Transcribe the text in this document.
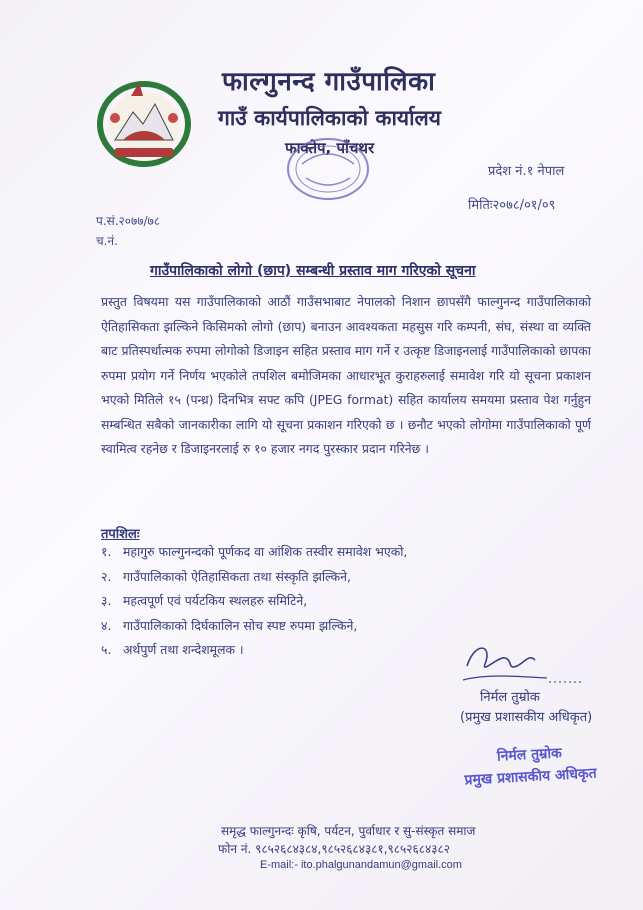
फाल्गुनन्द गाउँपालिका
गाउँ कार्यपालिकाको कार्यालय
फाक्तेप, पाँचथर
प्रदेश नं.१ नेपाल
मितिः२०७८/०१/०९
प.सं.२०७७/७८
च.नं.
गाउँपालिकाको लोगो (छाप) सम्बन्धी प्रस्ताव माग गरिएको सूचना
प्रस्तुत विषयमा यस गाउँपालिकाको आठौं गाउँसभाबाट नेपालको निशान छापसँगै फाल्गुनन्द गाउँपालिकाको ऐतिहासिकता झल्किने किसिमको लोगो (छाप) बनाउन आवश्यकता महसुस गरि कम्पनी, संघ, संस्था वा व्यक्ति बाट प्रतिस्पर्धात्मक रुपमा लोगोको डिजाइन सहित प्रस्ताव माग गर्ने र उत्कृष्ट डिजाइनलाई गाउँपालिकाको छापका रुपमा प्रयोग गर्ने निर्णय भएकोले तपशिल बमोजिमका आधारभूत कुराहरुलाई समावेश गरि यो सूचना प्रकाशन भएको मितिले १५ (पन्ध्र) दिनभित्र सफ्ट कपि (JPEG format) सहित कार्यालय समयमा प्रस्ताव पेश गर्नुहुन सम्बन्धित सबैको जानकारीका लागि यो सूचना प्रकाशन गरिएको छ । छनौट भएको लोगोमा गाउँपालिकाको पूर्ण स्वामित्व रहनेछ र डिजाइनरलाई रु १० हजार नगद पुरस्कार प्रदान गरिनेछ ।
तपशिलः
१. महागुरु फाल्गुनन्दको पूर्णकद वा आंशिक तस्वीर समावेश भएको,
२. गाउँपालिकाको ऐतिहासिकता तथा संस्कृति झल्किने,
३. महत्वपूर्ण एवं पर्यटकिय स्थलहरु समिटिने,
४. गाउँपालिकाको दिर्घकालिन सोच स्पष्ट रुपमा झल्किने,
५. अर्थपुर्ण तथा शन्देशमूलक ।
निर्मल तुम्रोक
(प्रमुख प्रशासकीय अधिकृत)
निर्मल तुम्रोक
प्रमुख प्रशासकीय अधिकृत
समृद्ध फाल्गुनन्दः कृषि, पर्यटन, पुर्वाधार र सु-संस्कृत समाज
फोन नं. ९८५२६८४३८४,९८५२६८४३८१,९८५२६८४३८२
E-mail:- ito.phalgunandamun@gmail.com
